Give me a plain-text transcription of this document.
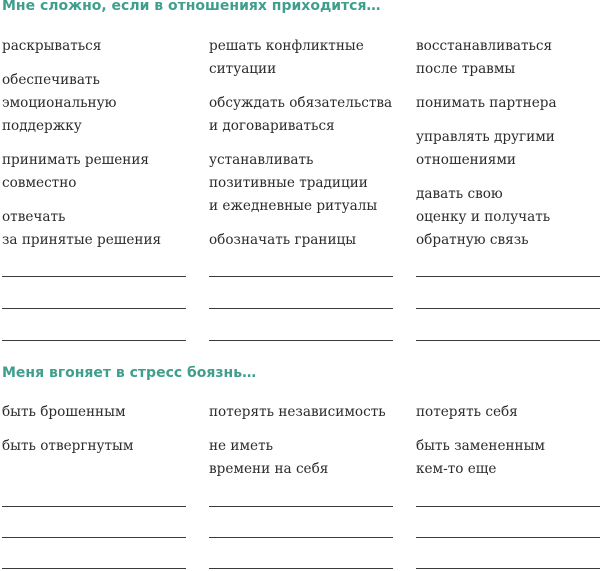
Мне сложно, если в отношениях приходится…

раскрываться

обеспечивать
эмоциональную
поддержку

принимать решения
совместно

отвечать
за принятые решения

решать конфликтные
ситуации

обсуждать обязательства
и договариваться

устанавливать
позитивные традиции
и ежедневные ритуалы

обозначать границы

восстанавливаться
после травмы

понимать партнера

управлять другими
отношениями

давать свою
оценку и получать
обратную связь

Меня вгоняет в стресс боязнь…

быть брошенным

быть отвергнутым

потерять независимость

не иметь
времени на себя

потерять себя

быть замененным
кем-то еще
